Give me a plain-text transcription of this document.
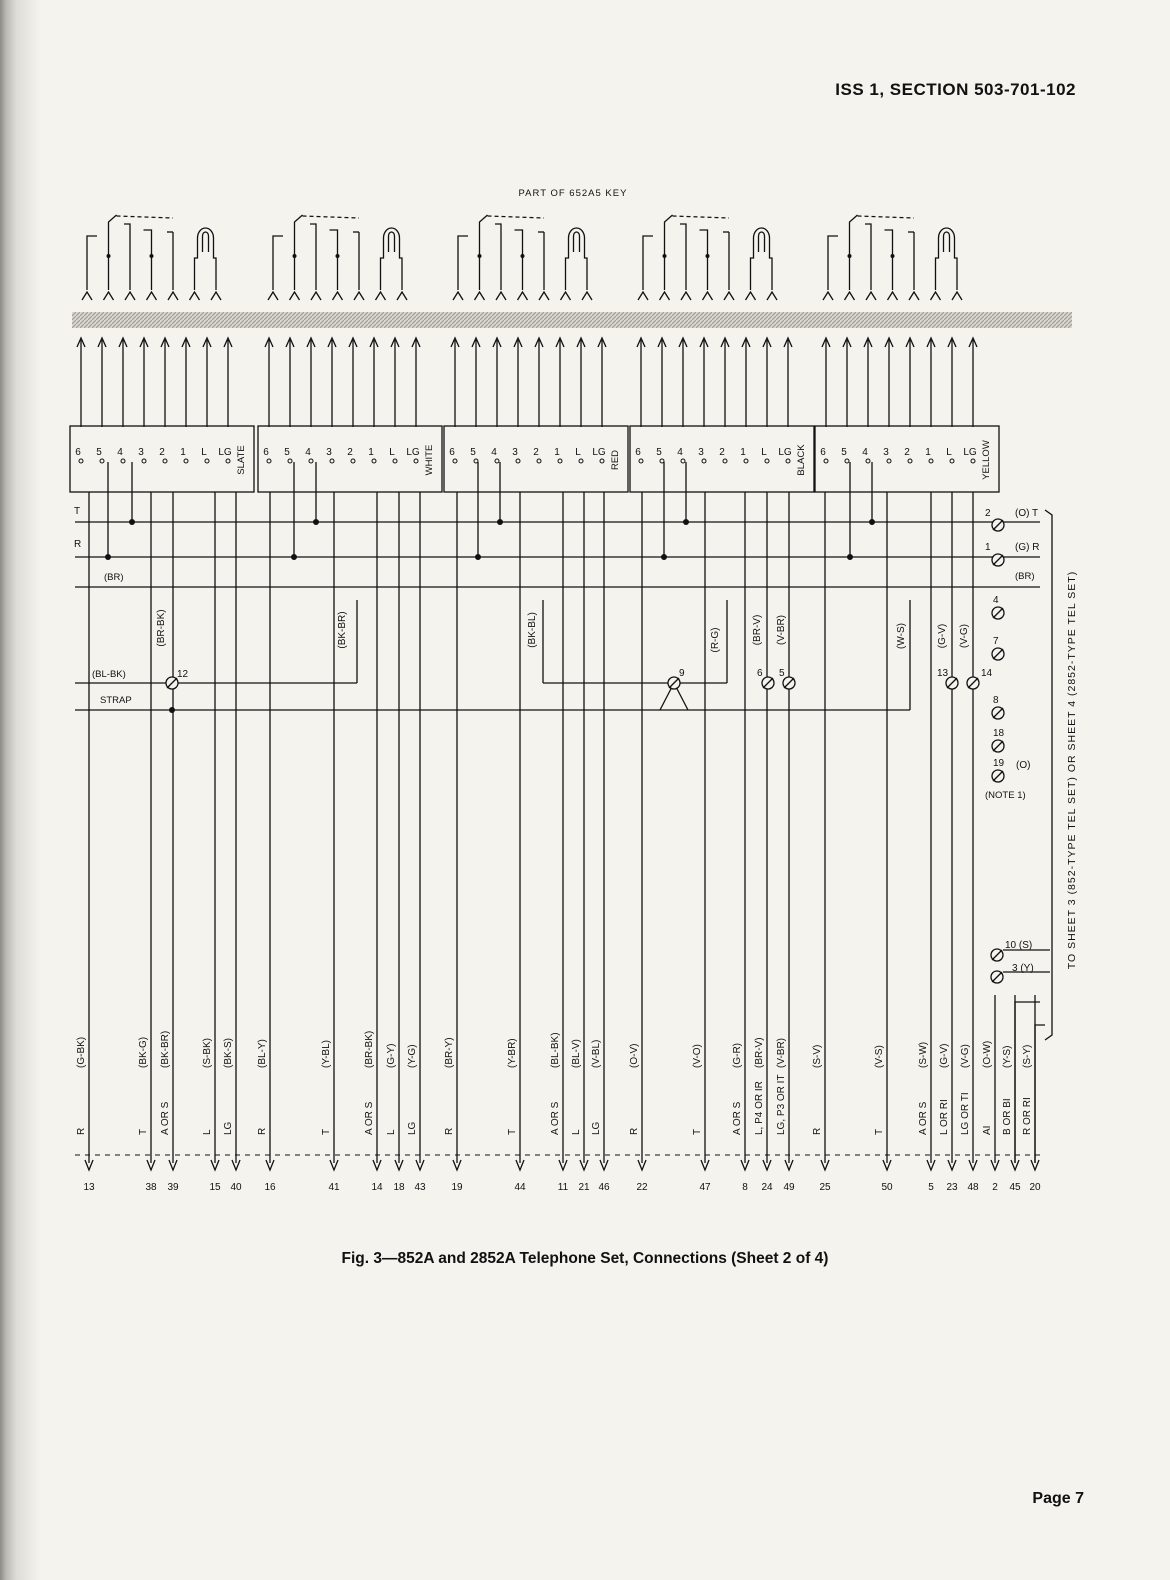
ISS 1, SECTION 503-701-102
PART OF 652A5 KEY
6 5 4 3 2 1 L LG SLATE 6 5 4 3 2 1 L LG WHITE 6 5 4 3 2 1 L LG RED 6 5 4 3 2 1 L LG BLACK 6 5 4 3 2 1 L LG YELLOW
T
R
(BR)
2 (O) T
1 (G) R
(BR)
(BL-BK)
STRAP
12	9	6 5	13	14
4
7
8
18
19 (O)
(NOTE 1)
10 (S)
3 (Y)	TO SHEET 3 (852-TYPE TEL SET) OR SHEET 4 (2852-TYPE TEL SET)
(BR-BK)	(BK-BR)	(BK-BL)	(R-G)	(BR-V) (V-BR)	(W-S)	(G-V) (V-G)
R
(G-BK)
13
T
(BK-G)
38
A OR S
(BK-BR)
39
L
(S-BK)
15
LG
(BK-S)
40
R
(BL-Y)
16
T
(Y-BL)
41
A OR S
(BR-BK)
14
L
(G-Y)
18
LG
(Y-G)
43
R
(BR-Y)
19
T
(Y-BR)
44
A OR S
(BL-BK)
11
L
(BL-V)
21
LG
(V-BL)
46
R
(O-V)
22
T
(V-O)
47
A OR S
(G-R)
8
L, P4 OR IR
(BR-V)
24
LG, P3 OR IT
(V-BR)
49
R
(S-V)
25
T
(V-S)
50
A OR S
(S-W)
5
L OR RI
(G-V)
23
LG OR TI
(V-G)
48
AI
(O-W)
2
B OR BI
(Y-S)
45
R OR RI
(S-Y)
20
Fig. 3—852A and 2852A Telephone Set, Connections (Sheet 2 of 4)
Page 7
